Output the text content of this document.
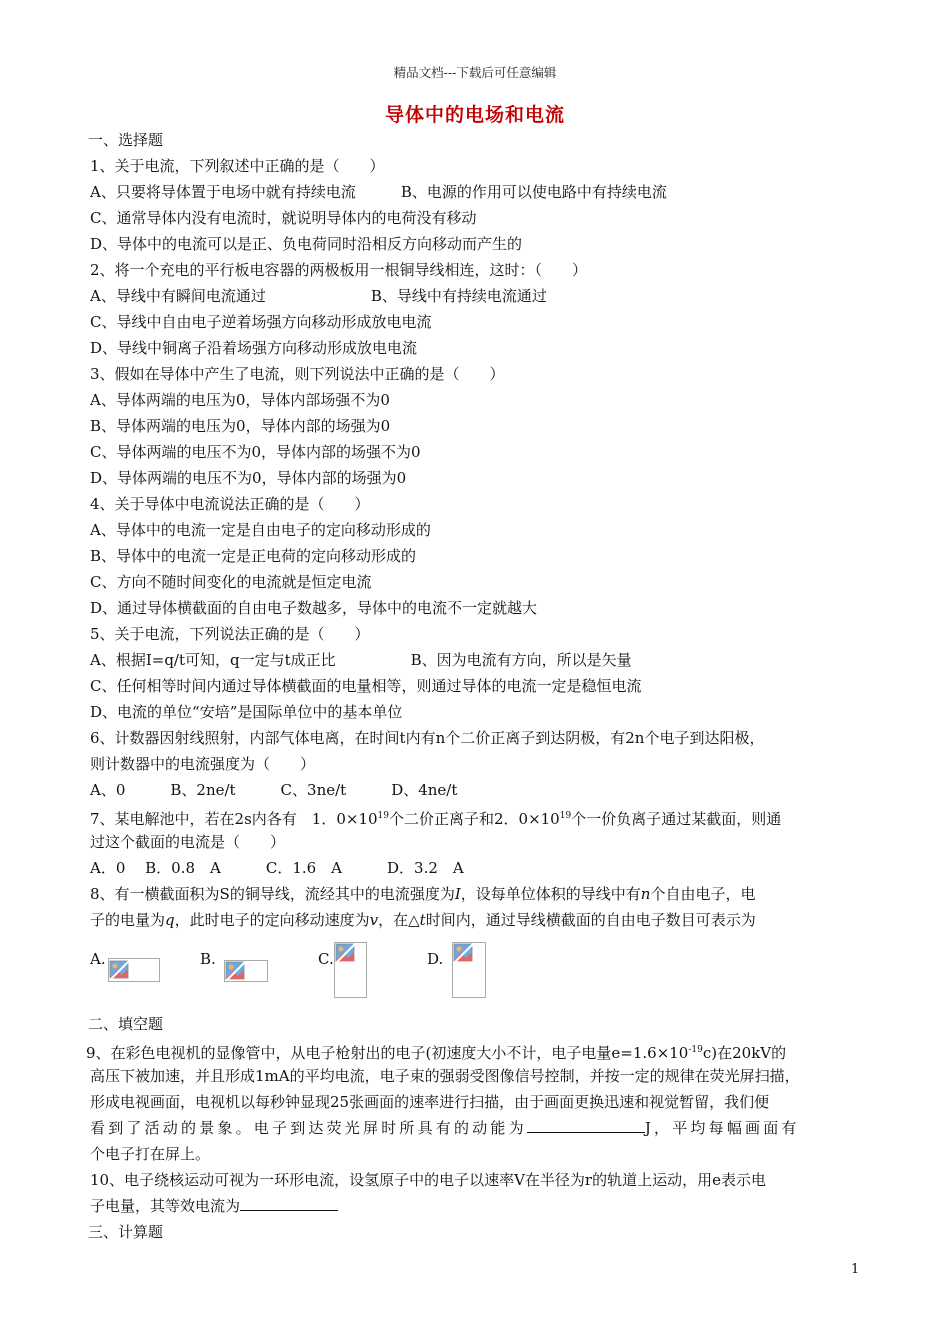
精品文档---下载后可任意编辑
导体中的电场和电流
一、选择题
1、关于电流，下列叙述中正确的是（　　）
A、只要将导体置于电场中就有持续电流　　　B、电源的作用可以使电路中有持续电流
C、通常导体内没有电流时，就说明导体内的电荷没有移动
D、导体中的电流可以是正、负电荷同时沿相反方向移动而产生的
2、将一个充电的平行板电容器的两极板用一根铜导线相连，这时：（　　）
A、导线中有瞬间电流通过　　　　　　　B、导线中有持续电流通过
C、导线中自由电子逆着场强方向移动形成放电电流
D、导线中铜离子沿着场强方向移动形成放电电流
3、假如在导体中产生了电流，则下列说法中正确的是（　　）
A、导体两端的电压为0，导体内部场强不为0
B、导体两端的电压为0，导体内部的场强为0
C、导体两端的电压不为0，导体内部的场强不为0
D、导体两端的电压不为0，导体内部的场强为0
4、关于导体中电流说法正确的是（　　）
A、导体中的电流一定是自由电子的定向移动形成的
B、导体中的电流一定是正电荷的定向移动形成的
C、方向不随时间变化的电流就是恒定电流
D、通过导体横截面的自由电子数越多，导体中的电流不一定就越大
5、关于电流，下列说法正确的是（　　）
A、根据I=q/t可知，q一定与t成正比　　　　　B、因为电流有方向，所以是矢量
C、任何相等时间内通过导体横截面的电量相等，则通过导体的电流一定是稳恒电流
D、电流的单位“安培”是国际单位中的基本单位
6、计数器因射线照射，内部气体电离，在时间t内有n个二价正离子到达阴极，有2n个电子到达阳极，
则计数器中的电流强度为（　　）
A、0　　　B、2ne/t　　　C、3ne/t　　　D、4ne/t
7、某电解池中，若在2s内各有　1．$0\times 10^{19}$个二价正离子和2．$0\times 10^{19}$个一价负离子通过某截面，则通
过这个截面的电流是（　　）
A．0　 B．0.8　A　　　C．1.6　A　　　D．3.2　A
8、有一横截面积为S的铜导线，流经其中的电流强度为I，设每单位体积的导线中有n个自由电子，电
子的电量为q，此时电子的定向移动速度为v，在△t时间内，通过导线横截面的自由电子数目可表示为
A.	B.	C.	D.
二、填空题
9、在彩色电视机的显像管中，从电子枪射出的电子(初速度大小不计，电子电量$e=1.6\times 10^{-19}c$)在20kV的
高压下被加速，并且形成1mA的平均电流，电子束的强弱受图像信号控制，并按一定的规律在荧光屏扫描，
形成电视画面，电视机以每秒钟显现25张画面的速率进行扫描，由于画面更换迅速和视觉暂留，我们便
看到了活动的景象。电子到达荧光屏时所具有的动能为	J，平均每幅画面有
个电子打在屏上。
10、电子绕核运动可视为一环形电流，设氢原子中的电子以速率V在半径为r的轨道上运动，用e表示电
子电量，其等效电流为
三、计算题
1
